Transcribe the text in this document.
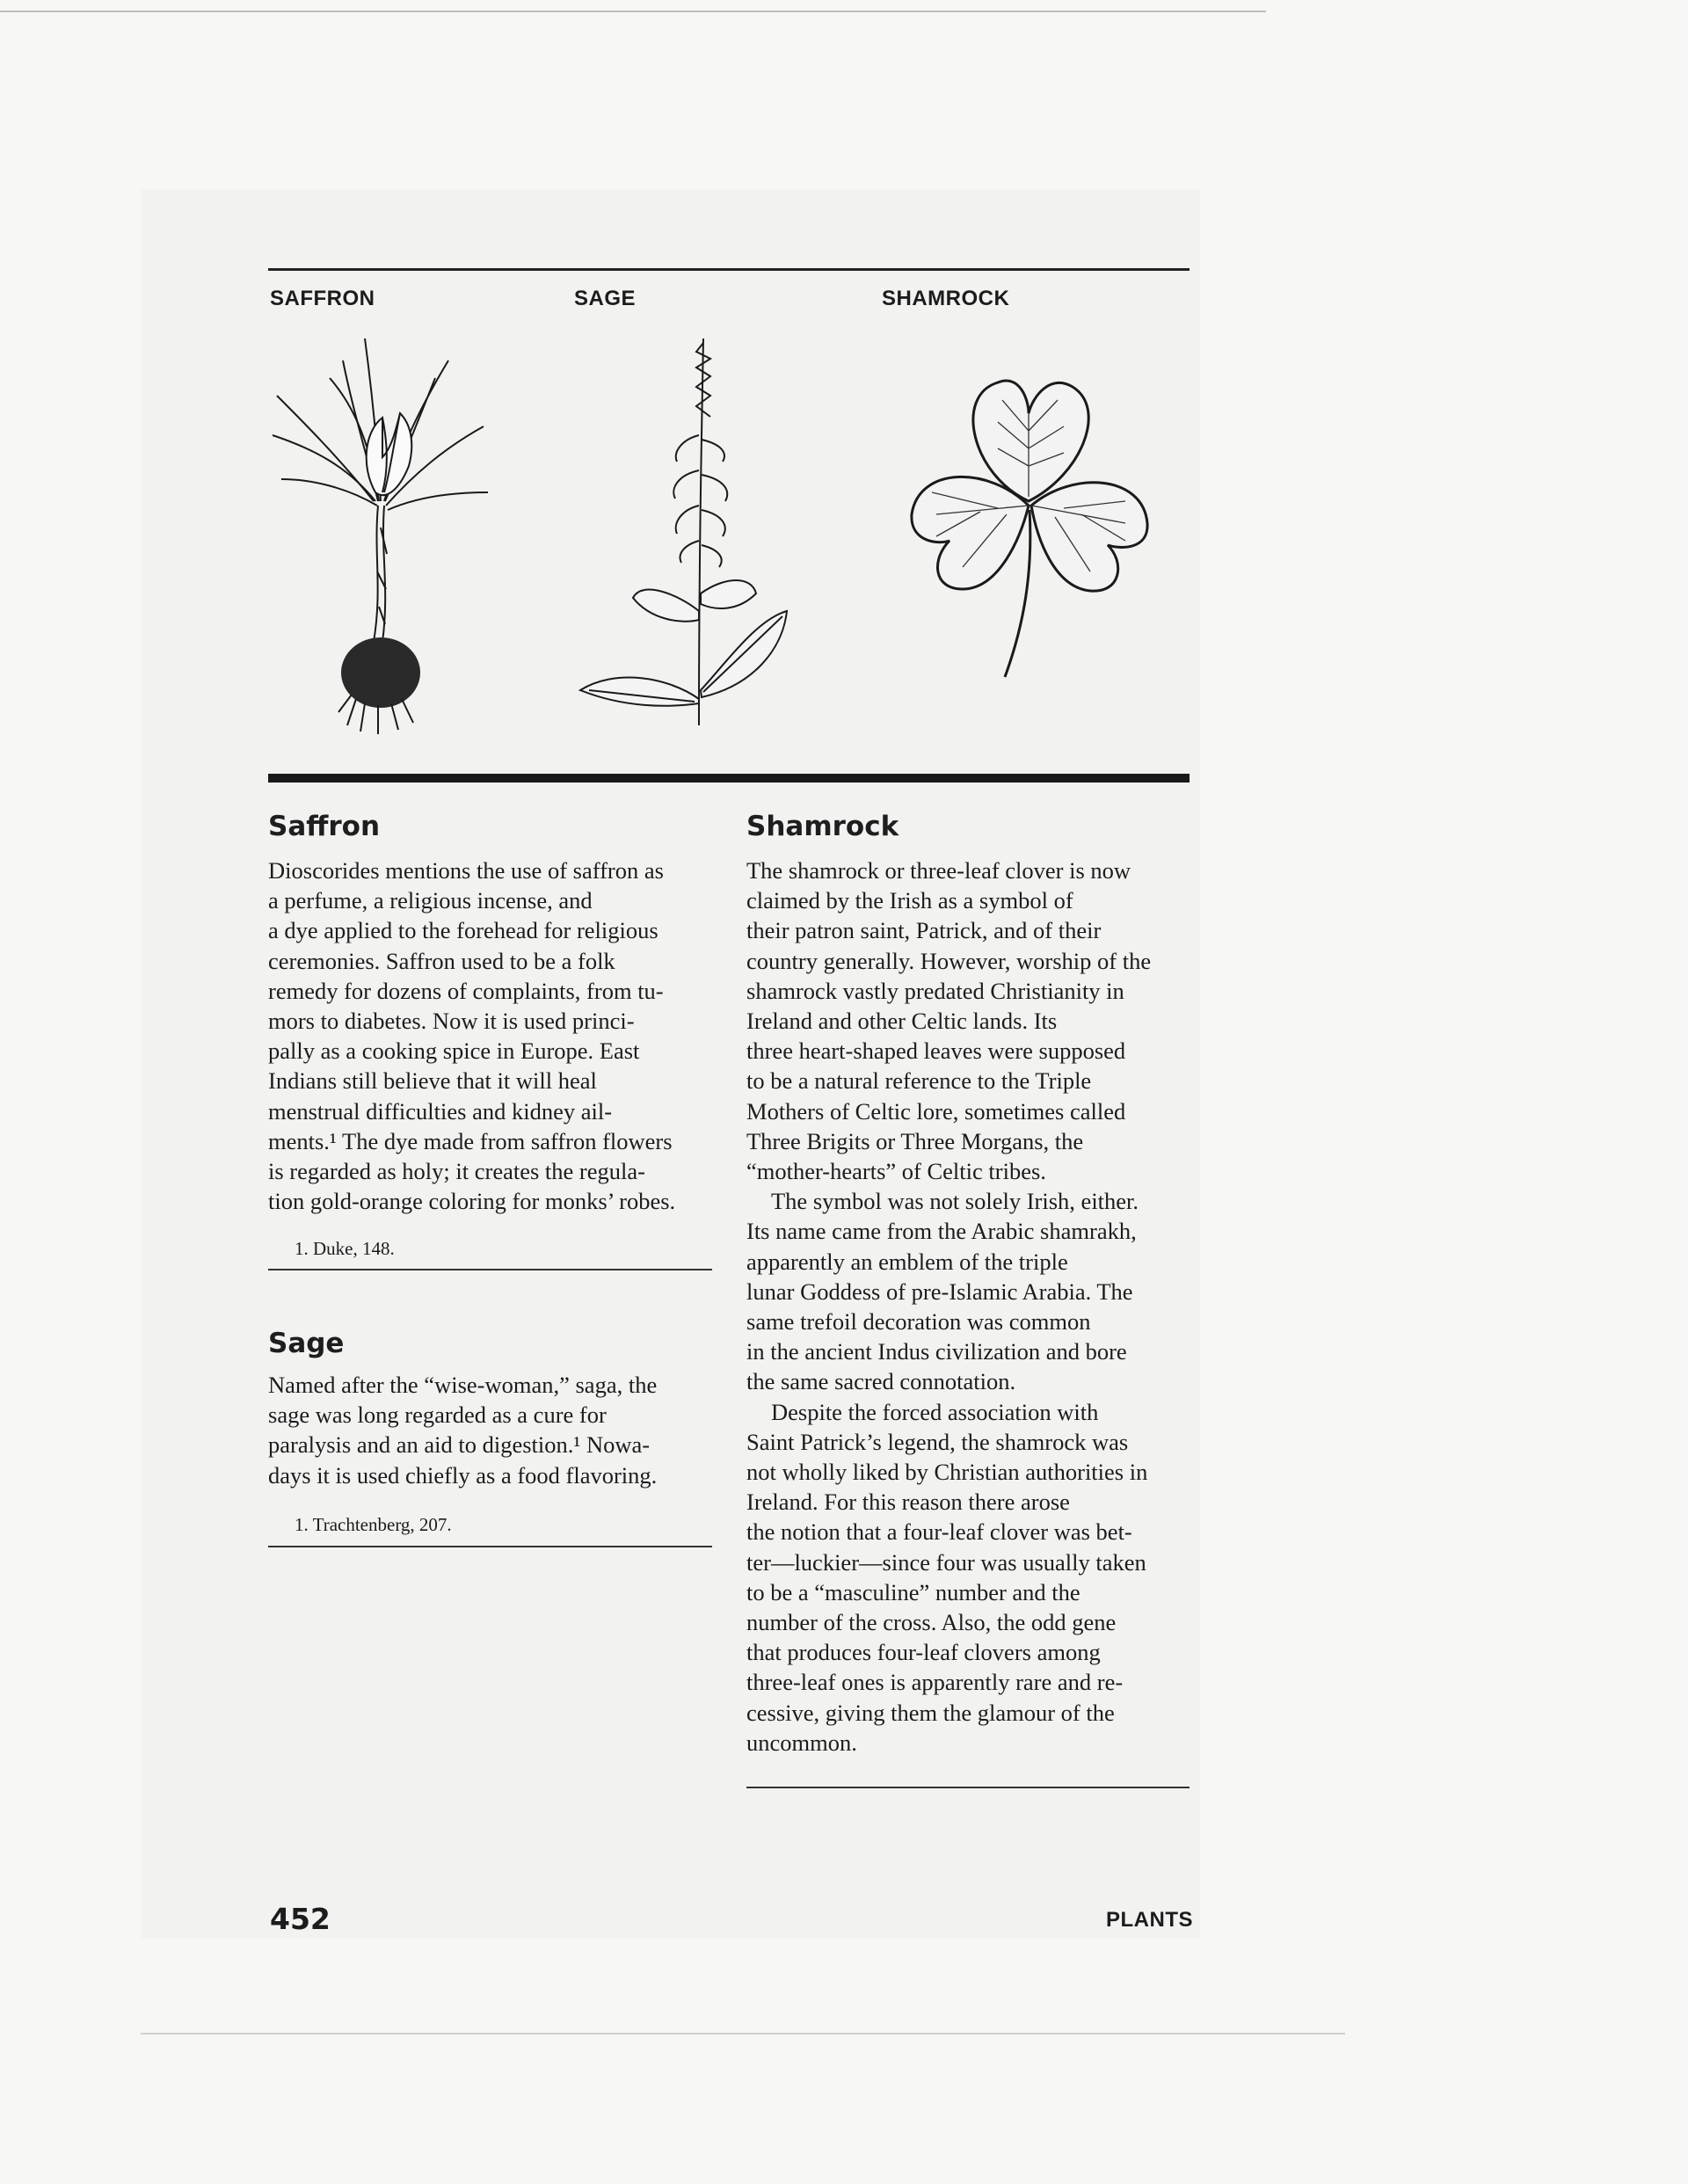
SAFFRON	SAGE	SHAMROCK
Saffron

Dioscorides mentions the use of saffron as

a perfume, a religious incense, and

a dye applied to the forehead for religious

ceremonies. Saffron used to be a folk

remedy for dozens of complaints, from tu-

mors to diabetes. Now it is used princi-

pally as a cooking spice in Europe. East

Indians still believe that it will heal

menstrual difficulties and kidney ail-

ments.¹ The dye made from saffron flowers

is regarded as holy; it creates the regula-

tion gold-orange coloring for monks’ robes.

1. Duke, 148.
Sage

Named after the “wise-woman,” saga, the

sage was long regarded as a cure for

paralysis and an aid to digestion.¹ Nowa-

days it is used chiefly as a food flavoring.

1. Trachtenberg, 207.
Shamrock

The shamrock or three-leaf clover is now

claimed by the Irish as a symbol of

their patron saint, Patrick, and of their

country generally. However, worship of the

shamrock vastly predated Christianity in

Ireland and other Celtic lands. Its

three heart-shaped leaves were supposed

to be a natural reference to the Triple

Mothers of Celtic lore, sometimes called

Three Brigits or Three Morgans, the

“mother-hearts” of Celtic tribes.

The symbol was not solely Irish, either.

Its name came from the Arabic shamrakh,

apparently an emblem of the triple

lunar Goddess of pre-Islamic Arabia. The

same trefoil decoration was common

in the ancient Indus civilization and bore

the same sacred connotation.

Despite the forced association with

Saint Patrick’s legend, the shamrock was

not wholly liked by Christian authorities in

Ireland. For this reason there arose

the notion that a four-leaf clover was bet-

ter—luckier—since four was usually taken

to be a “masculine” number and the

number of the cross. Also, the odd gene

that produces four-leaf clovers among

three-leaf ones is apparently rare and re-

cessive, giving them the glamour of the

uncommon.

452	PLANTS
